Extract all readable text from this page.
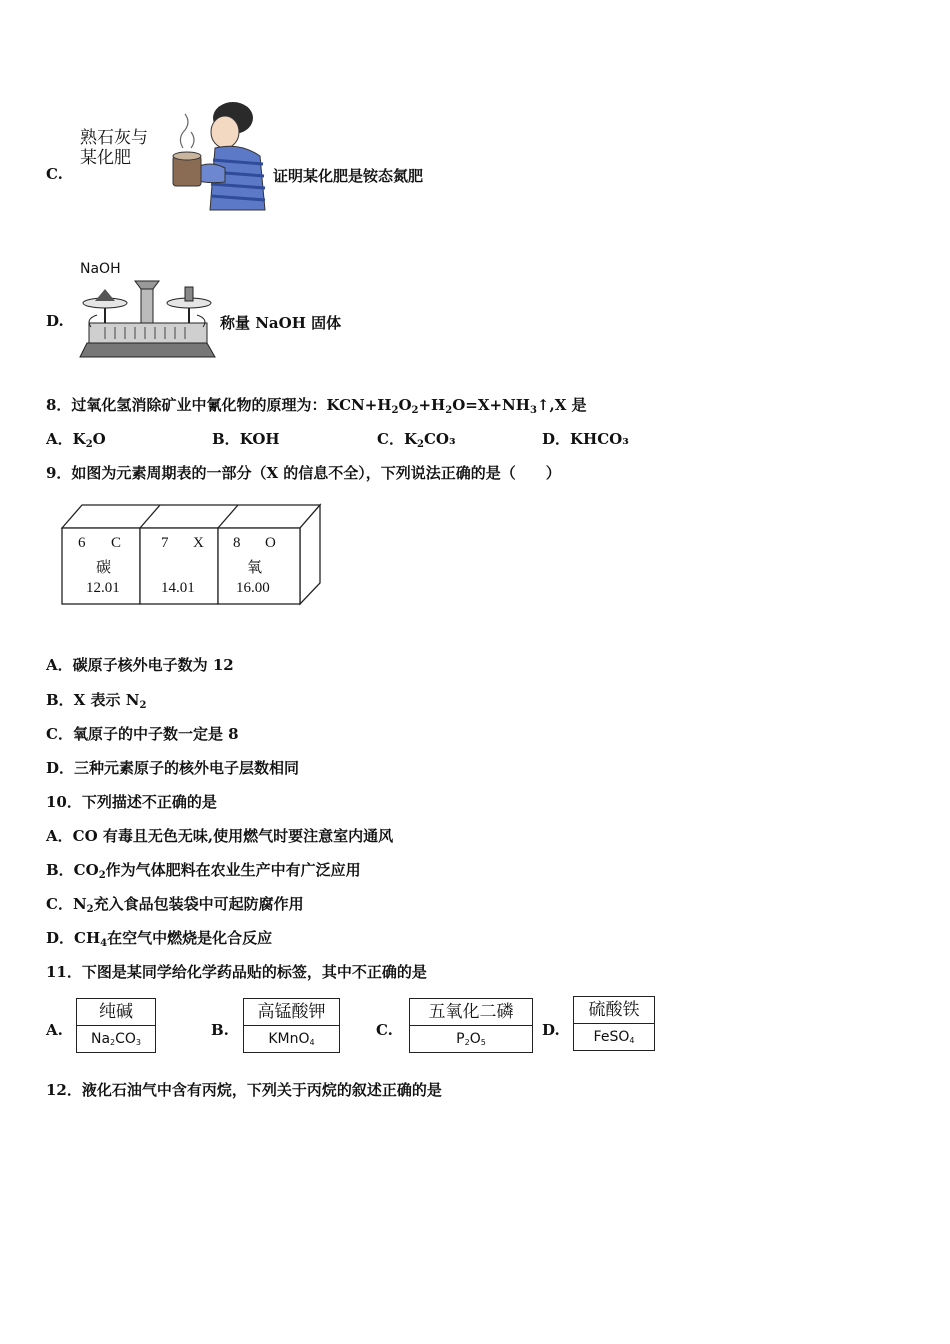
C.
熟石灰与
某化肥
证明某化肥是铵态氮肥
D.
NaOH
称量 NaOH 固体
8．过氧化氢消除矿业中氰化物的原理为：$KCN+H_2O_2+H_2O=X+NH_3↑,X$ 是
A．$K_2O$	B．KOH	C．$K_2CO_3$	D．KHCO₃
9．如图为元素周期表的一部分（X 的信息不全），下列说法正确的是（　　）
6 C
碳
12.01
7 X
14.01
8 O
氧
16.00
A．碳原子核外电子数为 12
B．X 表示 $N_2$
C．氧原子的中子数一定是 8
D．三种元素原子的核外电子层数相同
10．下列描述不正确的是
A．CO 有毒且无色无味,使用燃气时要注意室内通风
B．$CO_2$作为气体肥料在农业生产中有广泛应用
C．$N_2$充入食品包装袋中可起防腐作用
D．$CH_4$在空气中燃烧是化合反应
11．下图是某同学给化学药品贴的标签，其中不正确的是
A.
纯碱
$Na_2CO_3$
B.
高锰酸钾
KMnO$_4$
C.
五氧化二磷
$P_2O_5$
D.
硫酸铁
FeSO$_4$
12．液化石油气中含有丙烷，下列关于丙烷的叙述正确的是
